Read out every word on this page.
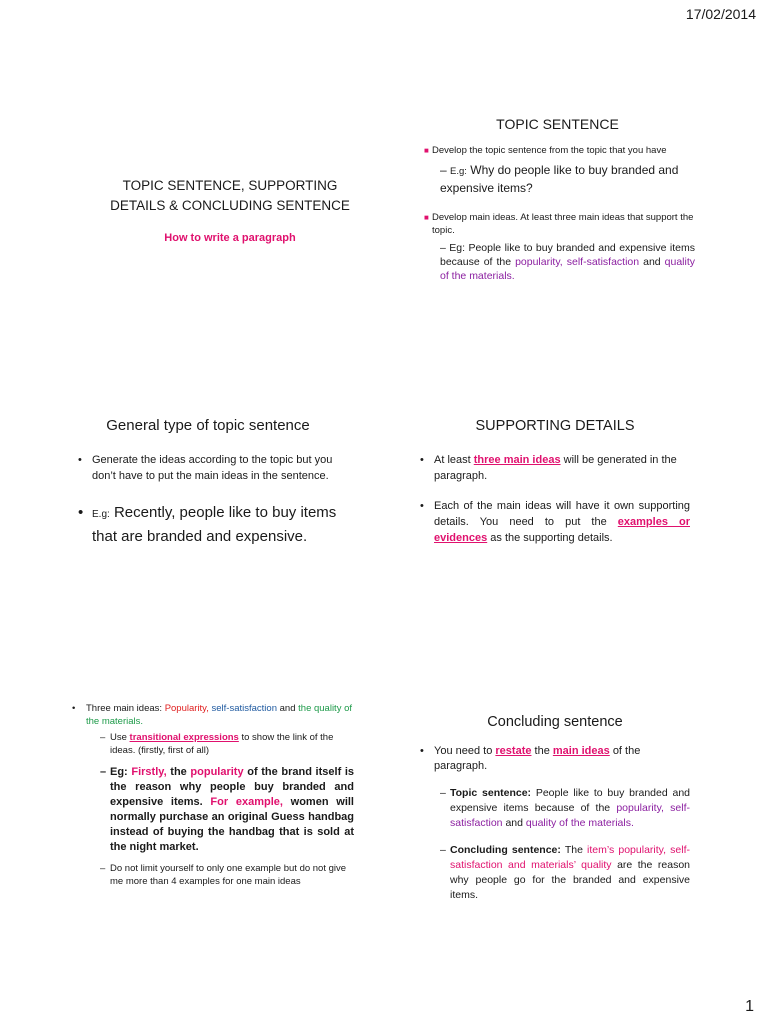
17/02/2014
TOPIC SENTENCE, SUPPORTING
DETAILS & CONCLUDING SENTENCE
How to write a paragraph
TOPIC SENTENCE
■ Develop the topic sentence from the topic that you have
– E.g: Why do people like to buy branded and expensive items?
■ Develop main ideas. At least three main ideas that support the topic.
– Eg: People like to buy branded and expensive items because of the popularity, self-satisfaction and quality of the materials.
General type of topic sentence
• Generate the ideas according to the topic but you don’t have to put the main ideas in the sentence.
• E.g: Recently, people like to buy items that are branded and expensive.
SUPPORTING DETAILS
• At least three main ideas will be generated in the paragraph.
• Each of the main ideas will have it own supporting details. You need to put the examples or evidences as the supporting details.
• Three main ideas: Popularity, self-satisfaction and the quality of the materials.
– Use transitional expressions to show the link of the ideas. (firstly, first of all)
– Eg: Firstly, the popularity of the brand itself is the reason why people buy branded and expensive items. For example, women will normally purchase an original Guess handbag instead of buying the handbag that is sold at the night market.
– Do not limit yourself to only one example but do not give me more than 4 examples for one main ideas
Concluding sentence
• You need to restate the main ideas of the paragraph.
– Topic sentence: People like to buy branded and expensive items because of the popularity, self-satisfaction and quality of the materials.
– Concluding sentence: The item’s popularity, self-satisfaction and materials’ quality are the reason why people go for the branded and expensive items.
1
